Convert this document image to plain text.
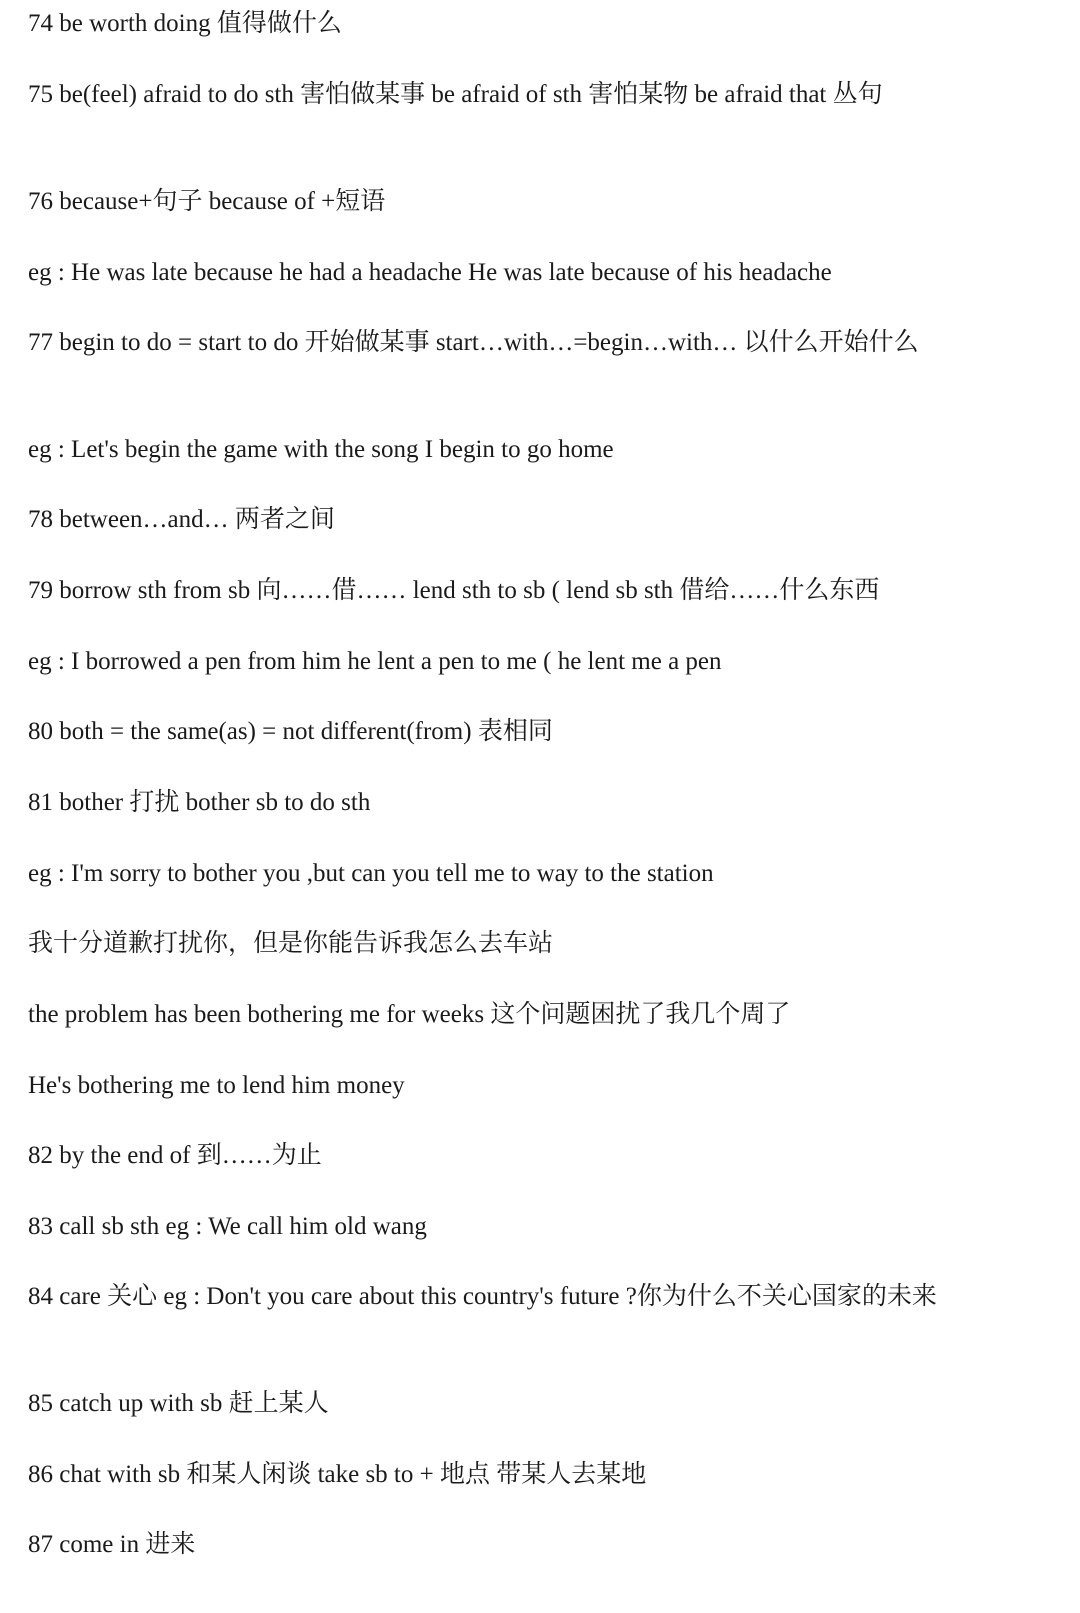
74 be worth doing 值得做什么

75 be(feel) afraid to do sth 害怕做某事 be afraid of sth 害怕某物 be afraid that 丛句

76 because+句子 because of +短语

eg : He was late because he had a headache He was late because of his headache

77 begin to do = start to do 开始做某事 start…with…=begin…with… 以什么开始什么

eg : Let's begin the game with the song I begin to go home

78 between…and… 两者之间

79 borrow sth from sb 向……借…… lend sth to sb ( lend sb sth 借给……什么东西

eg : I borrowed a pen from him he lent a pen to me ( he lent me a pen

80 both = the same(as) = not different(from) 表相同

81 bother 打扰 bother sb to do sth

eg : I'm sorry to bother you ,but can you tell me to way to the station

我十分道歉打扰你，但是你能告诉我怎么去车站

the problem has been bothering me for weeks 这个问题困扰了我几个周了

He's bothering me to lend him money

82 by the end of 到……为止

83 call sb sth eg : We call him old wang

84 care 关心 eg : Don't you care about this country's future ?你为什么不关心国家的未来

85 catch up with sb 赶上某人

86 chat with sb 和某人闲谈 take sb to + 地点 带某人去某地

87 come in 进来
